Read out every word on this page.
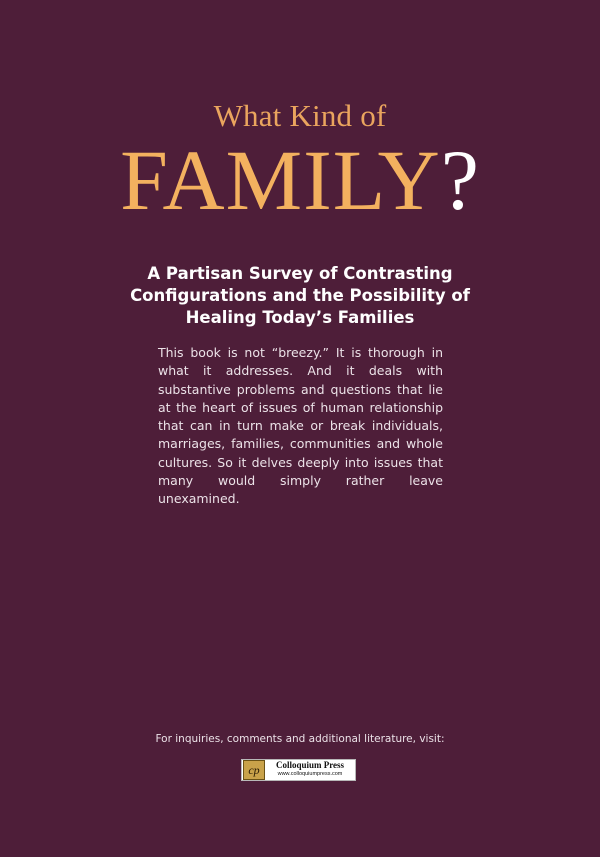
What Kind of
FAMILY?
A Partisan Survey of Contrasting Configurations and the Possibility of Healing Today’s Families
This book is not “breezy.” It is thorough in what it addresses. And it deals with substantive problems and questions that lie at the heart of issues of human relationship that can in turn make or break individuals, marriages, families, communities and whole cultures. So it delves deeply into issues that many would simply rather leave unexamined.
For inquiries, comments and additional literature, visit:
cp	Colloquium Press
www.colloquiumpress.com
